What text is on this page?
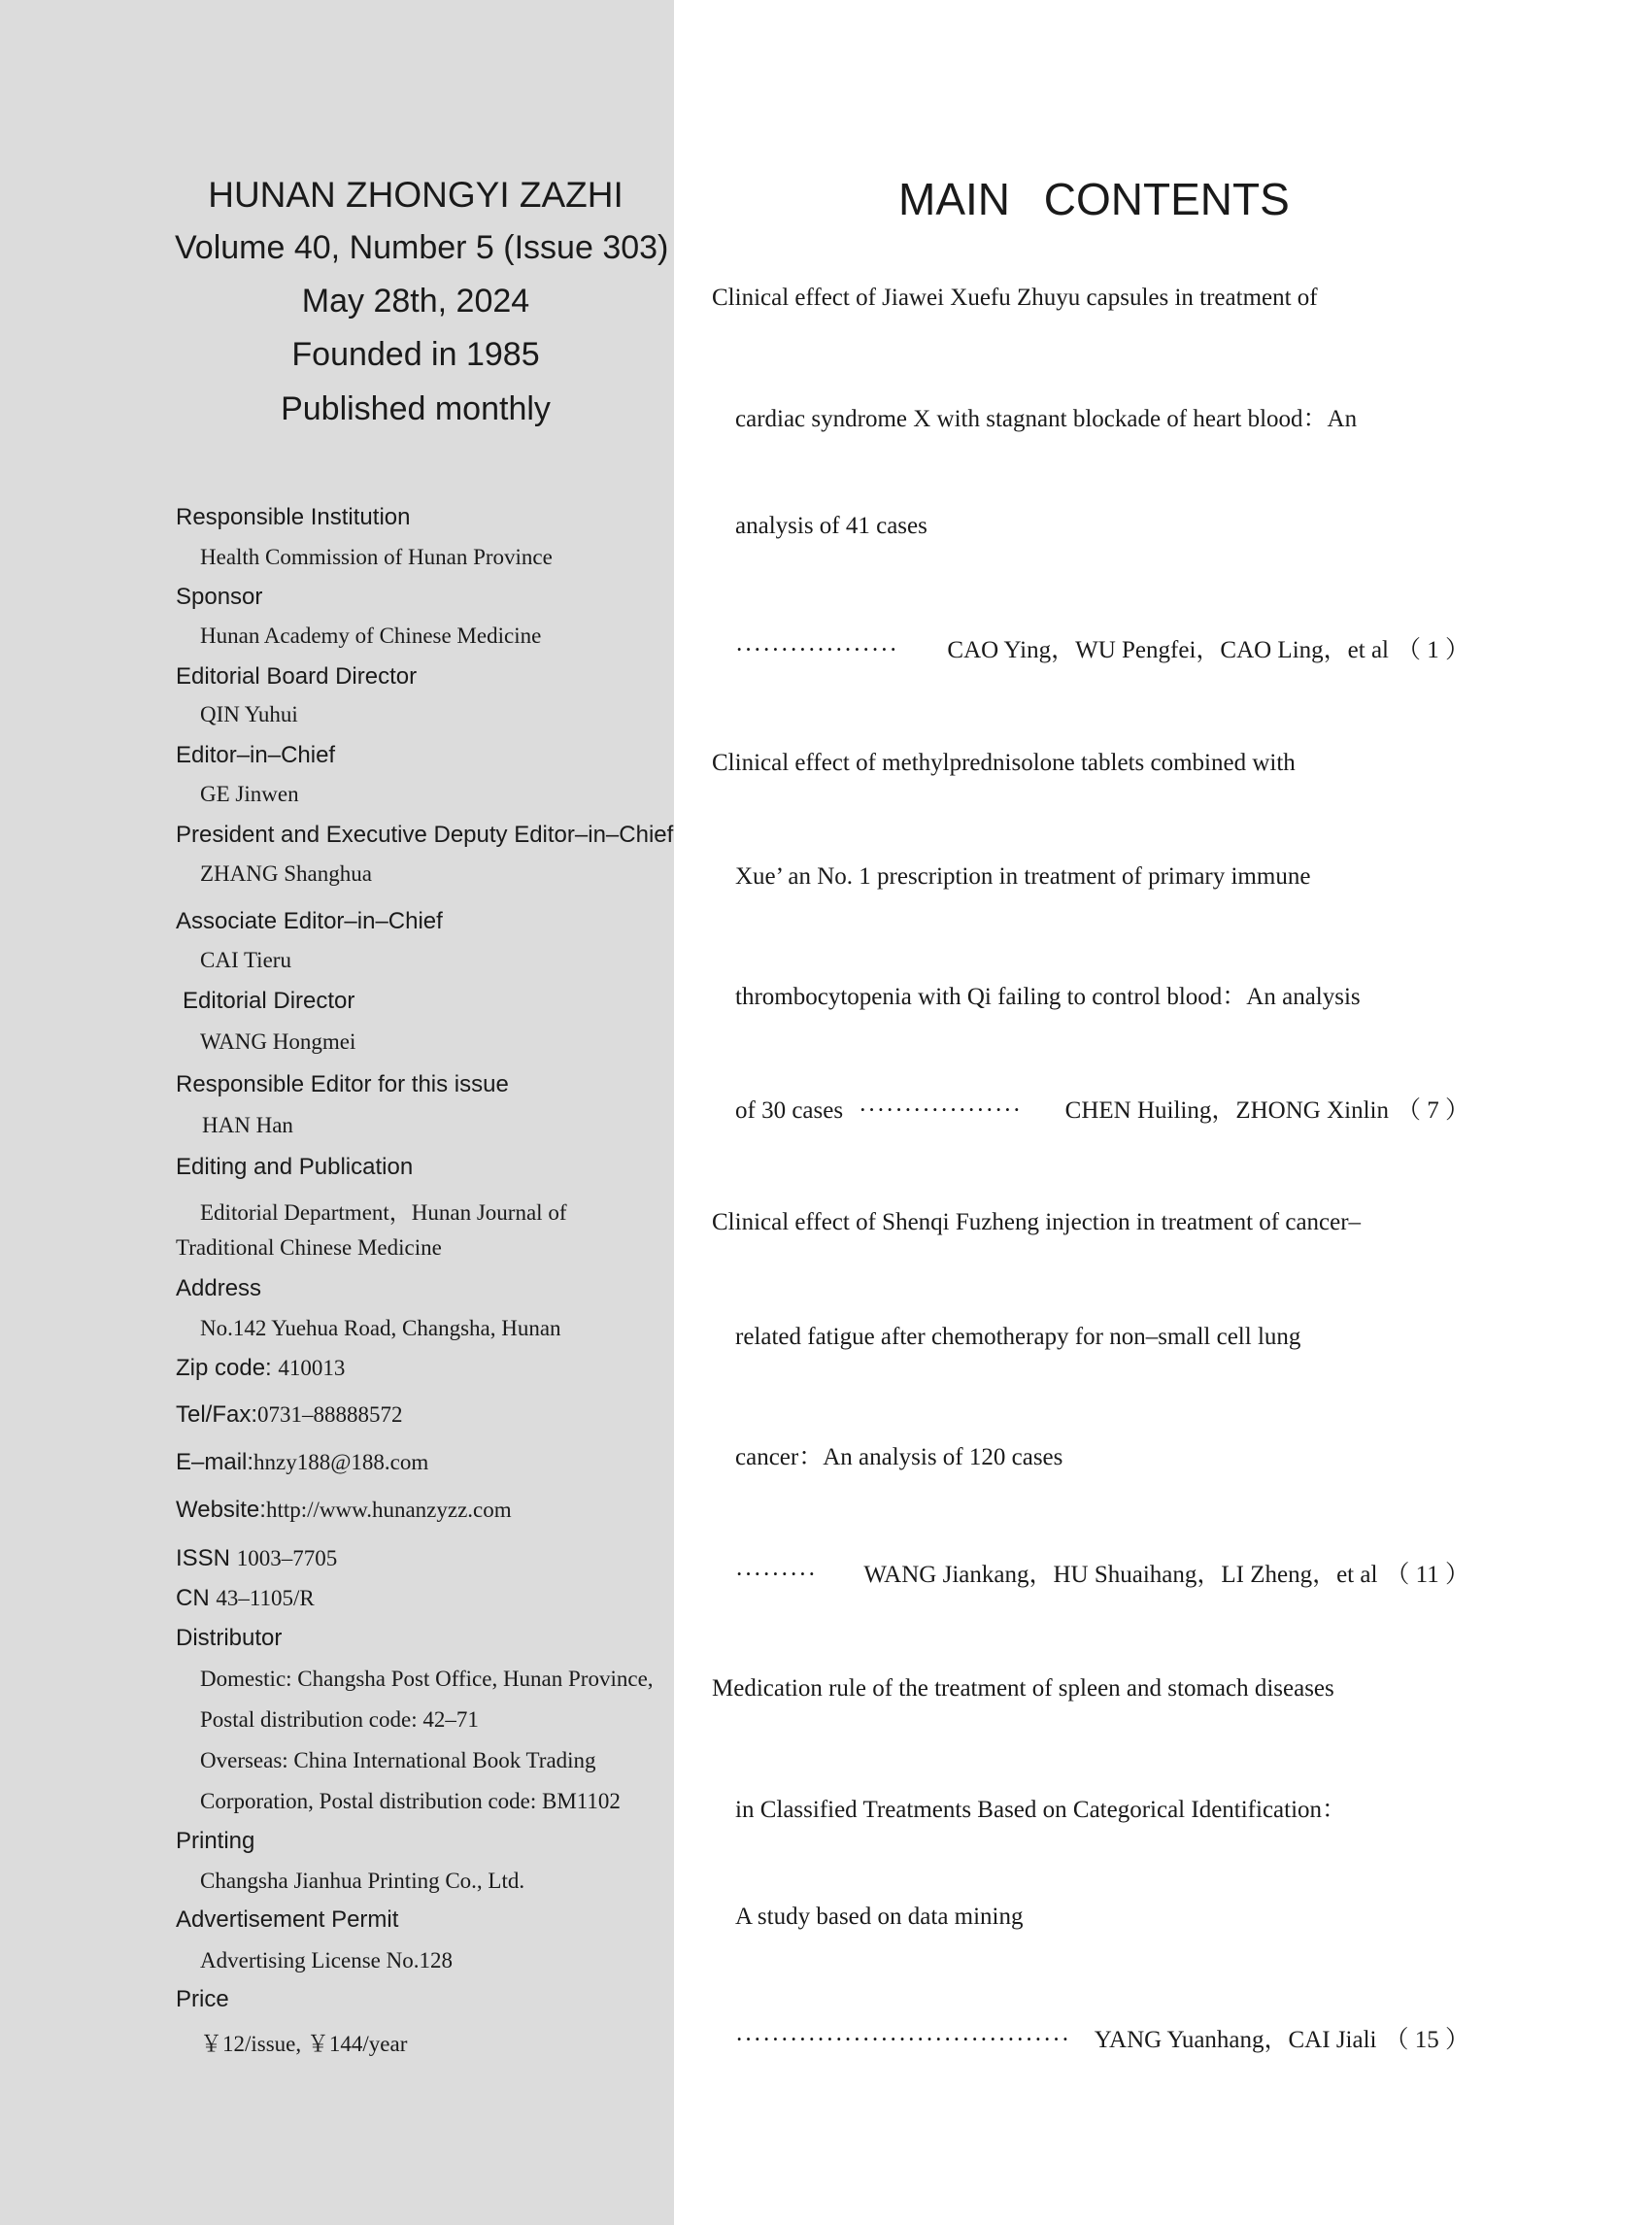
HUNAN ZHONGYI ZAZHI
Volume 40, Number 5 (Issue 303)
May 28th, 2024
Founded in 1985
Published monthly
Responsible Institution
Health Commission of Hunan Province
Sponsor
Hunan Academy of Chinese Medicine
Editorial Board Director
QIN Yuhui
Editor–in–Chief
GE Jinwen
President and Executive Deputy Editor–in–Chief
ZHANG Shanghua
Associate Editor–in–Chief
CAI Tieru
Editorial Director
WANG Hongmei
Responsible Editor for this issue
HAN Han
Editing and Publication
Editorial Department，Hunan Journal of
Traditional Chinese Medicine
Address
No.142 Yuehua Road, Changsha, Hunan
Zip code: 410013
Tel/Fax:0731–88888572
E–mail:hnzy188@188.com
Website:http://www.hunanzyzz.com
ISSN 1003–7705
CN 43–1105/R
Distributor
Domestic: Changsha Post Office, Hunan Province,
Postal distribution code: 42–71
Overseas: China International Book Trading
Corporation, Postal distribution code: BM1102
Printing
Changsha Jianhua Printing Co., Ltd.
Advertisement Permit
Advertising License No.128
Price
￥12/issue, ￥144/year
MAIN CONTENTS
Clinical effect of Jiawei Xuefu Zhuyu capsules in treatment of
cardiac syndrome X with stagnant blockade of heart blood：An
analysis of 41 cases
·················· CAO Ying，WU Pengfei，CAO Ling，et al （ 1 ）
Clinical effect of methylprednisolone tablets combined with
Xue’ an No. 1 prescription in treatment of primary immune
thrombocytopenia with Qi failing to control blood：An analysis
of 30 cases ·················· CHEN Huiling，ZHONG Xinlin （ 7 ）
Clinical effect of Shenqi Fuzheng injection in treatment of cancer–
related fatigue after chemotherapy for non–small cell lung
cancer：An analysis of 120 cases
········· WANG Jiankang，HU Shuaihang，LI Zheng，et al （ 11 ）
Medication rule of the treatment of spleen and stomach diseases
in Classified Treatments Based on Categorical Identification：
A study based on data mining
····································· YANG Yuanhang，CAI Jiali （ 15 ）
